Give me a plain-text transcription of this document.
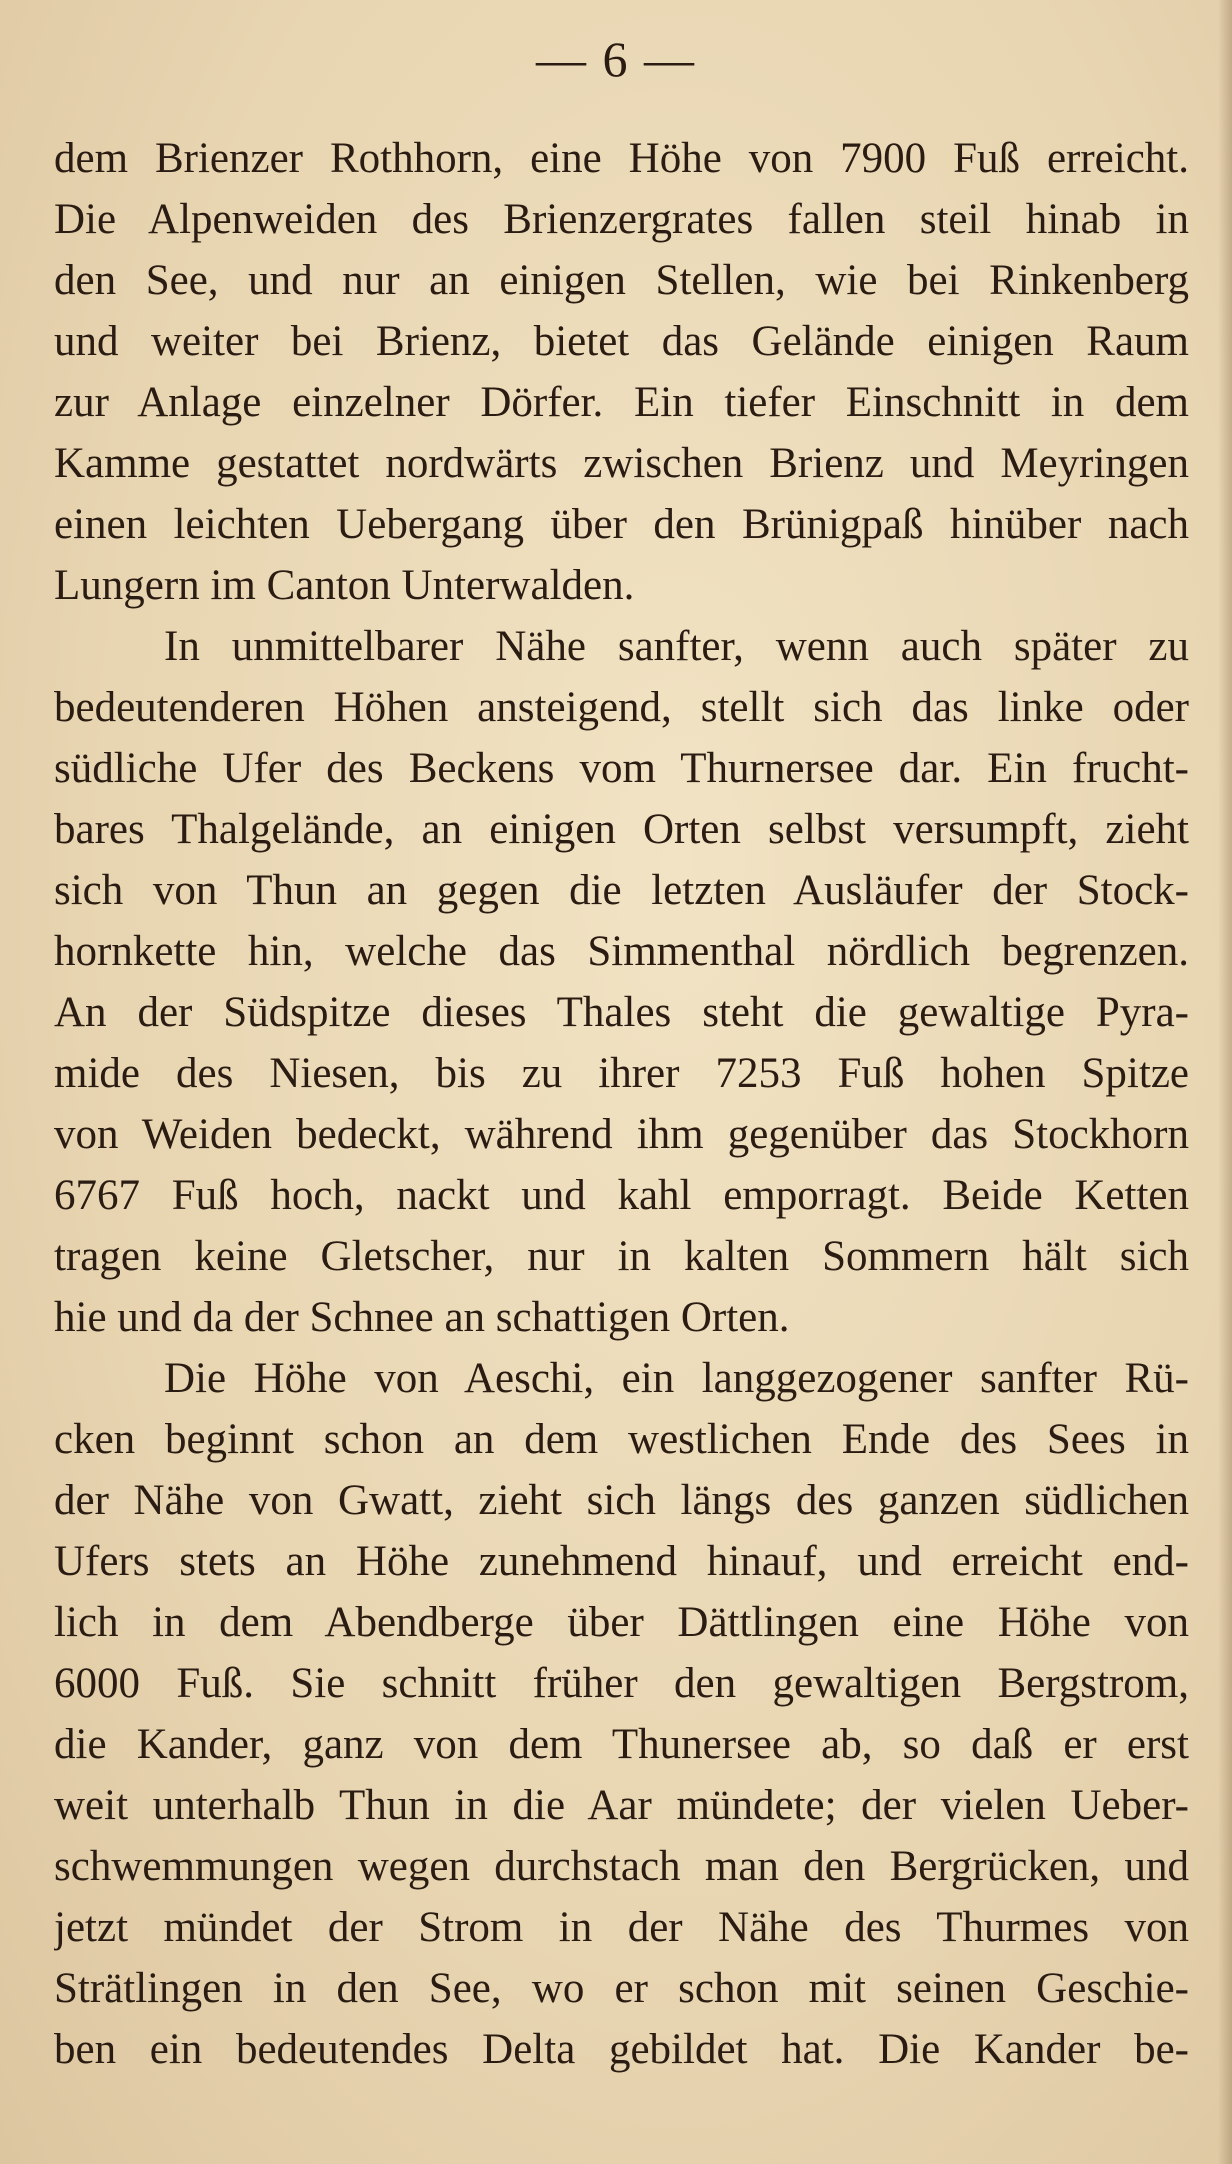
— 6 —
dem Brienzer Rothhorn, eine Höhe von 7900 Fuß erreicht.
Die Alpenweiden des Brienzergrates fallen steil hinab in
den See, und nur an einigen Stellen, wie bei Rinkenberg
und weiter bei Brienz, bietet das Gelände einigen Raum
zur Anlage einzelner Dörfer. Ein tiefer Einschnitt in dem
Kamme gestattet nordwärts zwischen Brienz und Meyringen
einen leichten Uebergang über den Brünigpaß hinüber nach
Lungern im Canton Unterwalden.
In unmittelbarer Nähe sanfter, wenn auch später zu
bedeutenderen Höhen ansteigend, stellt sich das linke oder
südliche Ufer des Beckens vom Thurnersee dar. Ein frucht-
bares Thalgelände, an einigen Orten selbst versumpft, zieht
sich von Thun an gegen die letzten Ausläufer der Stock-
hornkette hin, welche das Simmenthal nördlich begrenzen.
An der Südspitze dieses Thales steht die gewaltige Pyra-
mide des Niesen, bis zu ihrer 7253 Fuß hohen Spitze
von Weiden bedeckt, während ihm gegenüber das Stockhorn
6767 Fuß hoch, nackt und kahl emporragt. Beide Ketten
tragen keine Gletscher, nur in kalten Sommern hält sich
hie und da der Schnee an schattigen Orten.
Die Höhe von Aeschi, ein langgezogener sanfter Rü-
cken beginnt schon an dem westlichen Ende des Sees in
der Nähe von Gwatt, zieht sich längs des ganzen südlichen
Ufers stets an Höhe zunehmend hinauf, und erreicht end-
lich in dem Abendberge über Dättlingen eine Höhe von
6000 Fuß. Sie schnitt früher den gewaltigen Bergstrom,
die Kander, ganz von dem Thunersee ab, so daß er erst
weit unterhalb Thun in die Aar mündete; der vielen Ueber-
schwemmungen wegen durchstach man den Bergrücken, und
jetzt mündet der Strom in der Nähe des Thurmes von
Strätlingen in den See, wo er schon mit seinen Geschie-
ben ein bedeutendes Delta gebildet hat. Die Kander be-
